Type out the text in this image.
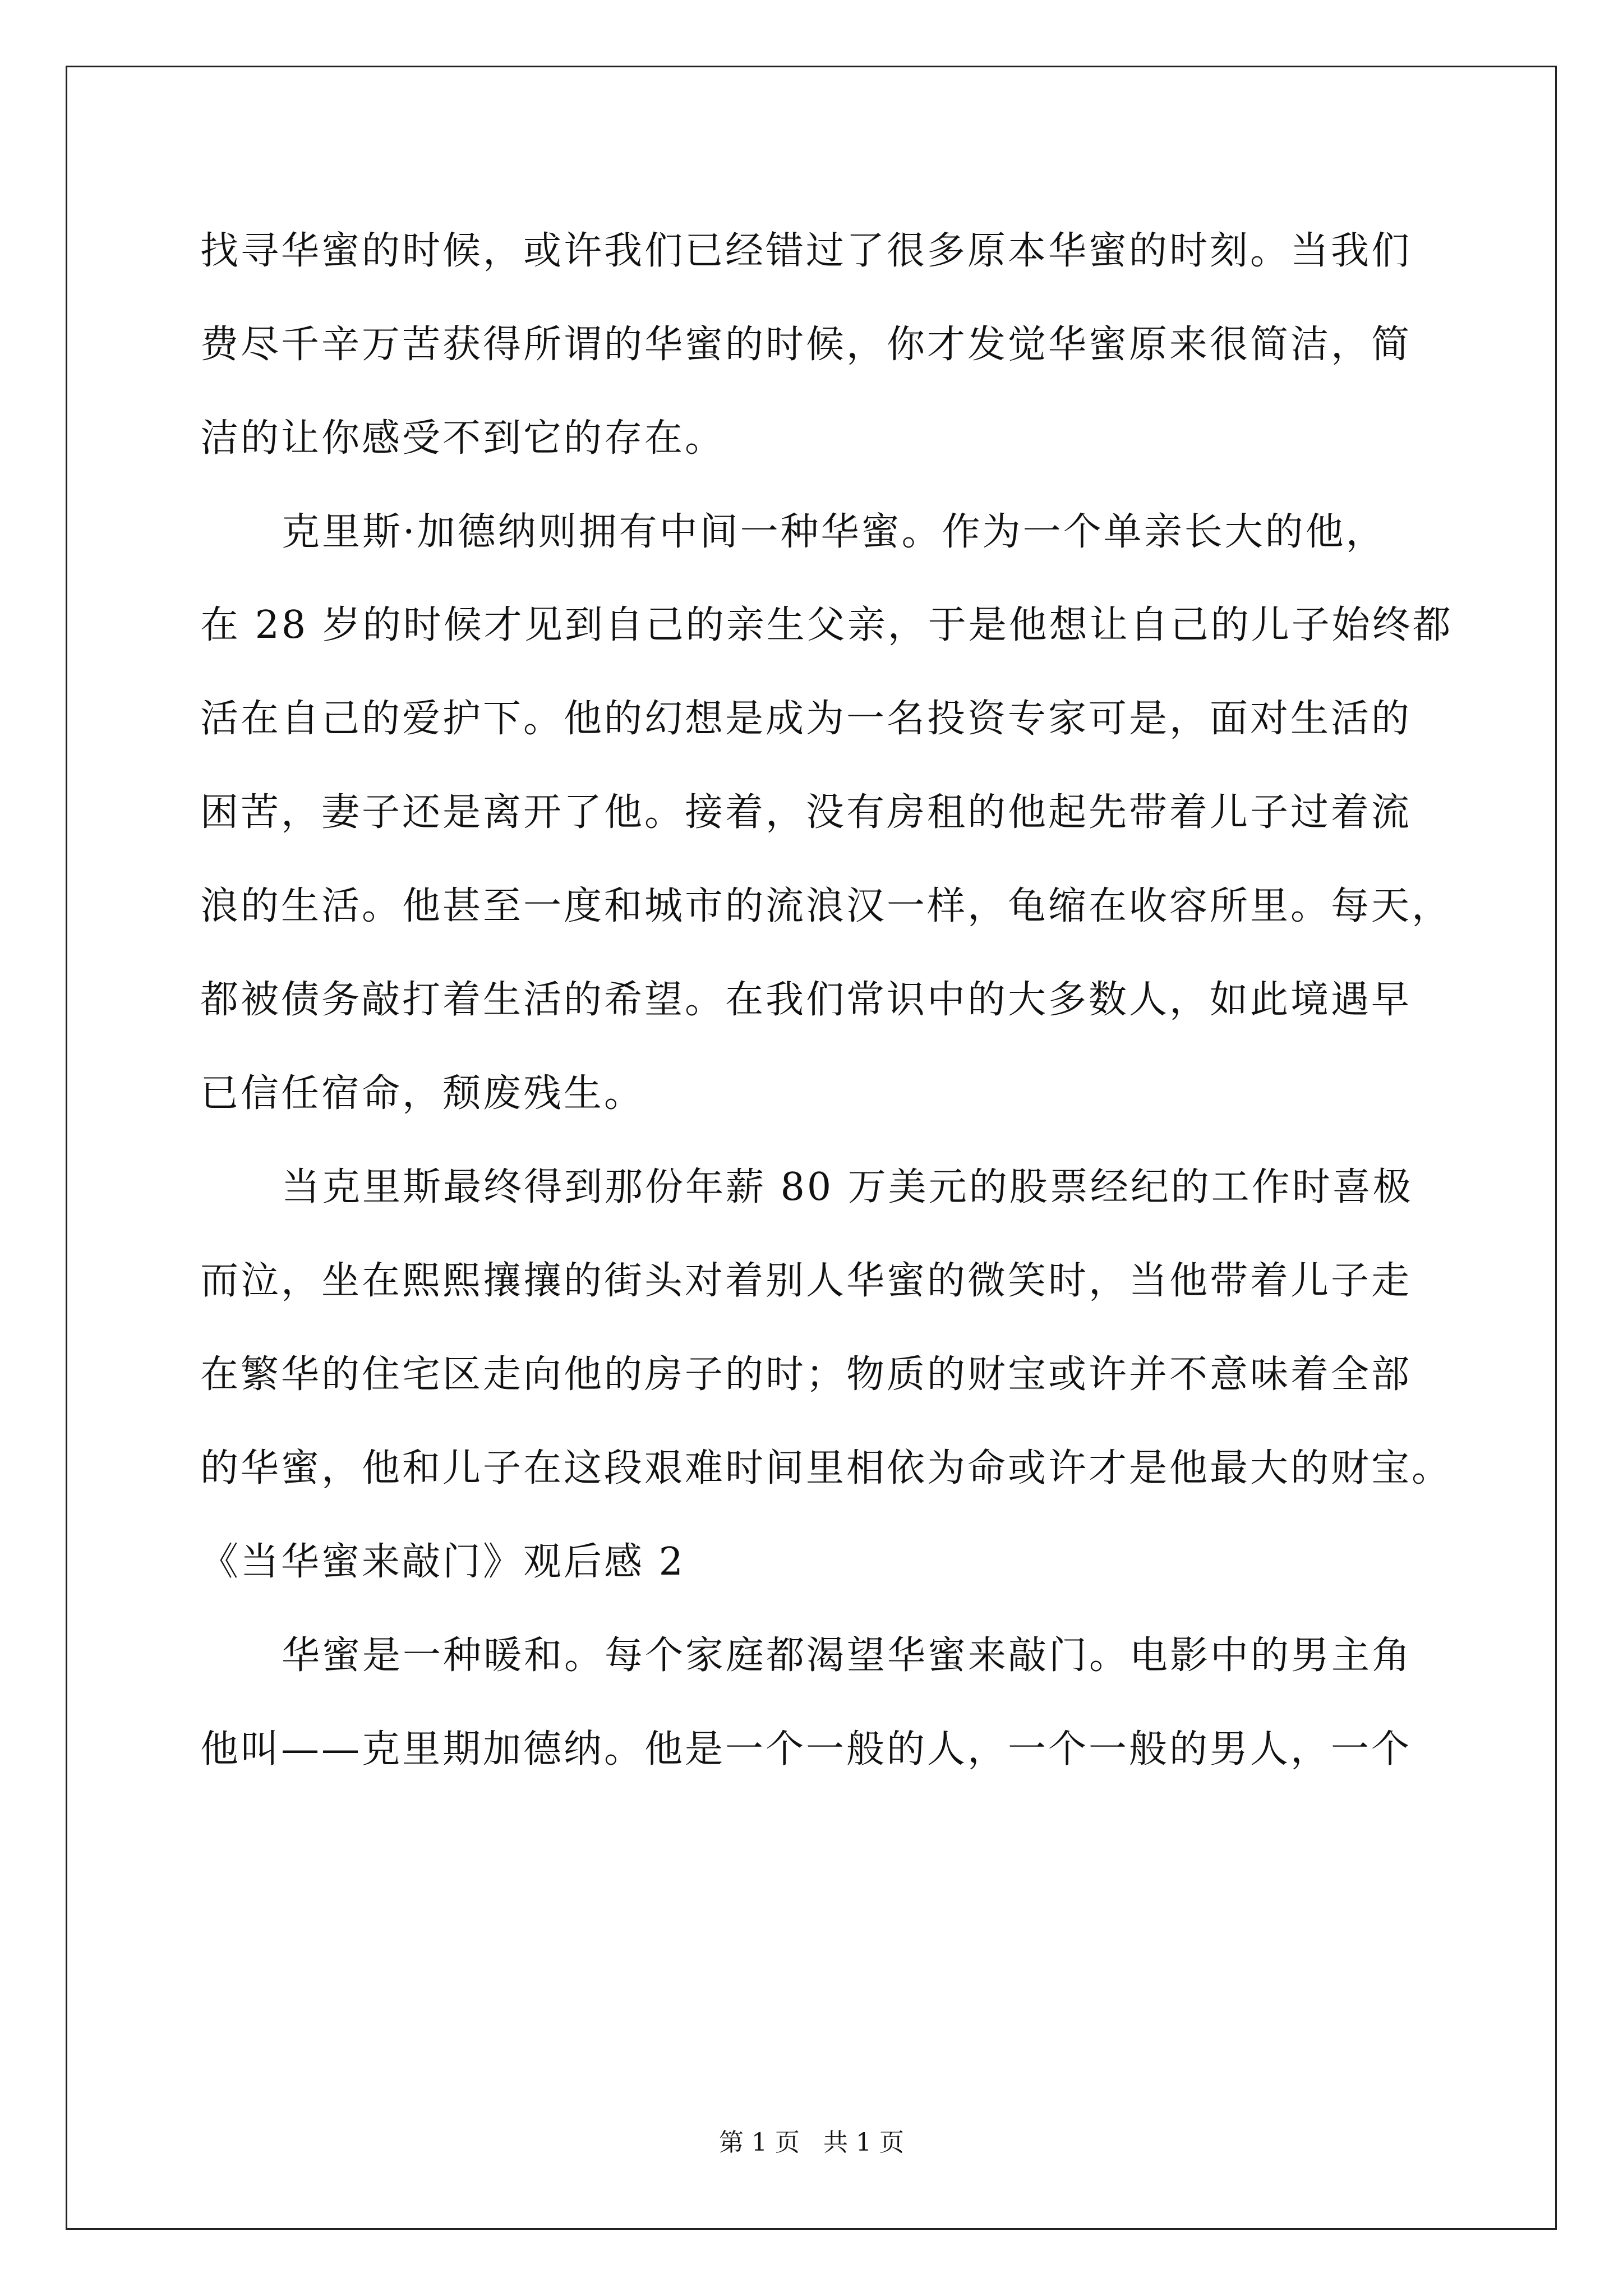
找寻华蜜的时候，或许我们已经错过了很多原本华蜜的时刻。当我们
费尽千辛万苦获得所谓的华蜜的时候，你才发觉华蜜原来很简洁，简
洁的让你感受不到它的存在。
克里斯·加德纳则拥有中间一种华蜜。作为一个单亲长大的他，
在 28 岁的时候才见到自己的亲生父亲，于是他想让自己的儿子始终都
活在自己的爱护下。他的幻想是成为一名投资专家可是，面对生活的
困苦，妻子还是离开了他。接着，没有房租的他起先带着儿子过着流
浪的生活。他甚至一度和城市的流浪汉一样，龟缩在收容所里。每天，
都被债务敲打着生活的希望。在我们常识中的大多数人，如此境遇早
已信任宿命，颓废残生。
当克里斯最终得到那份年薪 80 万美元的股票经纪的工作时喜极
而泣，坐在熙熙攘攘的街头对着别人华蜜的微笑时，当他带着儿子走
在繁华的住宅区走向他的房子的时；物质的财宝或许并不意味着全部
的华蜜，他和儿子在这段艰难时间里相依为命或许才是他最大的财宝。
《当华蜜来敲门》观后感 2
华蜜是一种暖和。每个家庭都渴望华蜜来敲门。电影中的男主角
他叫——克里期加德纳。他是一个一般的人，一个一般的男人，一个
第 1 页   共 1 页
